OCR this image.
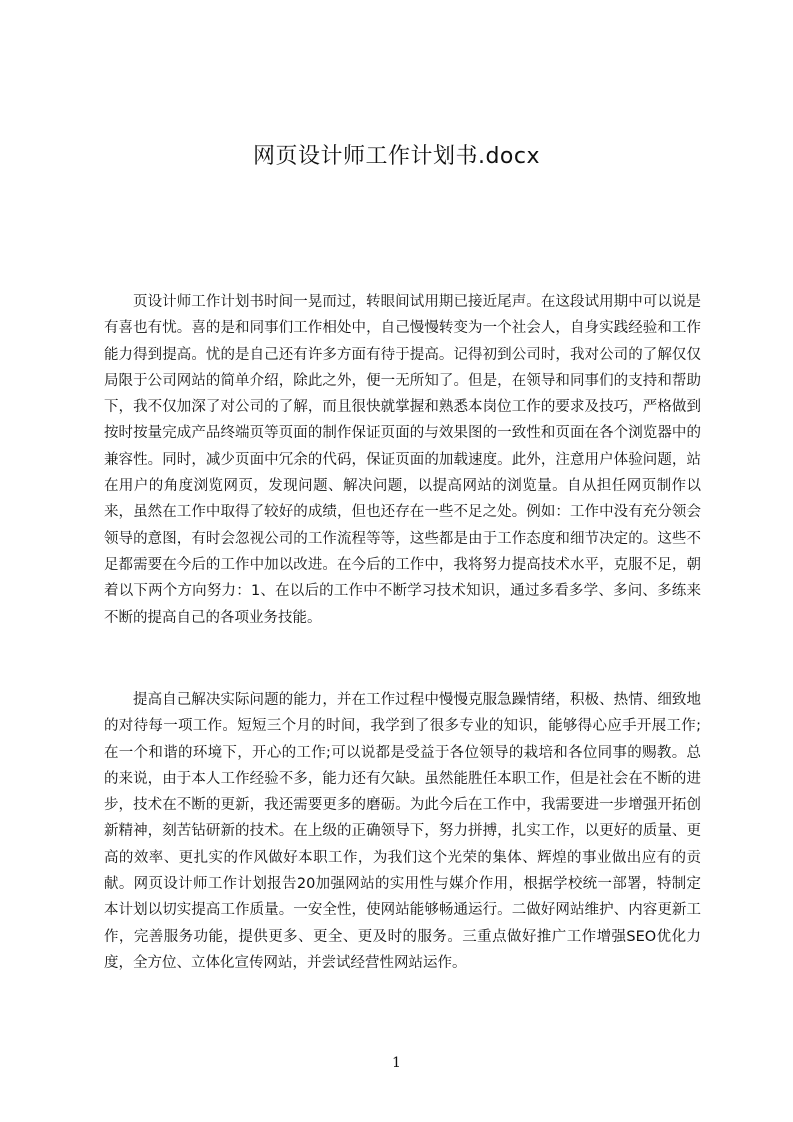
网页设计师工作计划书.docx

页设计师工作计划书时间一晃而过，转眼间试用期已接近尾声。在这段试用期中可以说是有喜也有忧。喜的是和同事们工作相处中，自己慢慢转变为一个社会人，自身实践经验和工作能力得到提高。忧的是自己还有许多方面有待于提高。记得初到公司时，我对公司的了解仅仅局限于公司网站的简单介绍，除此之外，便一无所知了。但是，在领导和同事们的支持和帮助下，我不仅加深了对公司的了解，而且很快就掌握和熟悉本岗位工作的要求及技巧，严格做到按时按量完成产品终端页等页面的制作保证页面的与效果图的一致性和页面在各个浏览器中的兼容性。同时，减少页面中冗余的代码，保证页面的加载速度。此外，注意用户体验问题，站在用户的角度浏览网页，发现问题、解决问题，以提高网站的浏览量。自从担任网页制作以来，虽然在工作中取得了较好的成绩，但也还存在一些不足之处。例如：工作中没有充分领会领导的意图，有时会忽视公司的工作流程等等，这些都是由于工作态度和细节决定的。这些不足都需要在今后的工作中加以改进。在今后的工作中，我将努力提高技术水平，克服不足，朝着以下两个方向努力：1、在以后的工作中不断学习技术知识，通过多看多学、多问、多练来不断的提高自己的各项业务技能。

提高自己解决实际问题的能力，并在工作过程中慢慢克服急躁情绪，积极、热情、细致地的对待每一项工作。短短三个月的时间，我学到了很多专业的知识，能够得心应手开展工作;在一个和谐的环境下，开心的工作;可以说都是受益于各位领导的栽培和各位同事的赐教。总的来说，由于本人工作经验不多，能力还有欠缺。虽然能胜任本职工作，但是社会在不断的进步，技术在不断的更新，我还需要更多的磨砺。为此今后在工作中，我需要进一步增强开拓创新精神，刻苦钻研新的技术。在上级的正确领导下，努力拼搏，扎实工作，以更好的质量、更高的效率、更扎实的作风做好本职工作，为我们这个光荣的集体、辉煌的事业做出应有的贡献。网页设计师工作计划报告20加强网站的实用性与媒介作用，根据学校统一部署，特制定本计划以切实提高工作质量。一安全性，使网站能够畅通运行。二做好网站维护、内容更新工作，完善服务功能，提供更多、更全、更及时的服务。三重点做好推广工作增强SEO优化力度，全方位、立体化宣传网站，并尝试经营性网站运作。

1
